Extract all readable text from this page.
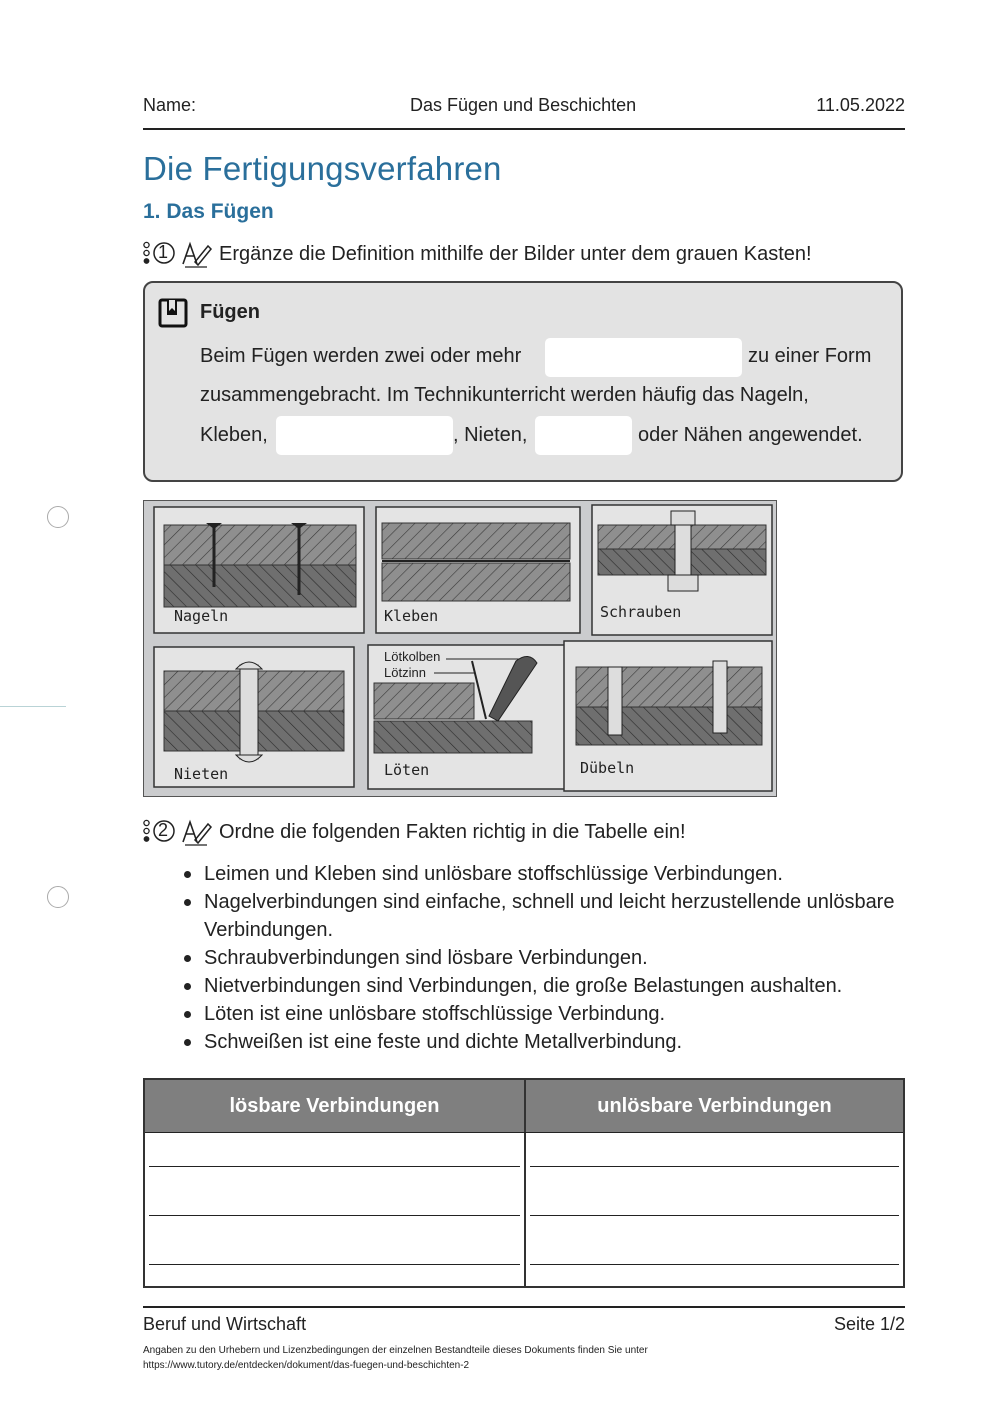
Name:	Das Fügen und Beschichten	11.05.2022
Die Fertigungsverfahren
1. Das Fügen
1	Ergänze die Definition mithilfe der Bilder unter dem grauen Kasten!
Fügen
Beim Fügen werden zwei oder mehr	zu einer Form
zusammengebracht. Im Technikunterricht werden häufig das Nageln,
Kleben,	, Nieten,	oder Nähen angewendet.
Nageln	Kleben	Schrauben
Nieten
Lötkolben
Lötzinn
Löten	Dübeln
2	Ordne die folgenden Fakten richtig in die Tabelle ein!
Leimen und Kleben sind unlösbare stoffschlüssige Verbindungen.
Nagelverbindungen sind einfache, schnell und leicht herzustellende unlösbare Verbindungen.
Schraubverbindungen sind lösbare Verbindungen.
Nietverbindungen sind Verbindungen, die große Belastungen aushalten.
Löten ist eine unlösbare stoffschlüssige Verbindung.
Schweißen ist eine feste und dichte Metallverbindung.
lösbare Verbindungen	unlösbare Verbindungen
Beruf und Wirtschaft	Seite 1/2
Angaben zu den Urhebern und Lizenzbedingungen der einzelnen Bestandteile dieses Dokuments finden Sie unter
https://www.tutory.de/entdecken/dokument/das-fuegen-und-beschichten-2
